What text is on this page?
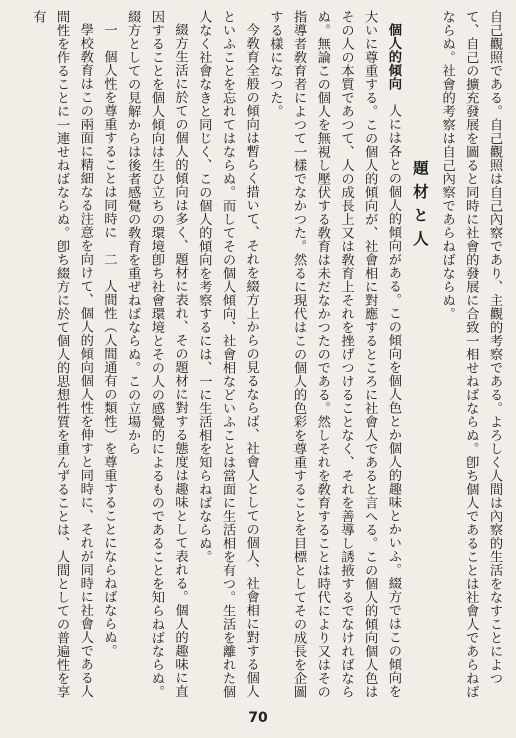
自己觀照である。自己觀照は自己內察であり、主觀的考察である。よろしく人間は內察的生活をなすことによつて、自己の擴充發展を圖ると同時に社會的發展に合致一相せねばならぬ。卽ち個人であることは社會人であらねばならぬ。社會的考察は自己內察であらねばならぬ。

題材と人

個人的傾向　人には各との個人的傾向がある。この傾向を個人色とか個人的趣味とかいふ。綴方ではこの傾向を大いに尊重する。この個人的傾向が、社會相に對應するところに社會人であると言へる。この個人的傾向個人色はその人の本質であつて、人の成長上又は敎育上それを挫げつけることなく、それを善導し誘掖するでなければならぬ。無論この個人を無視し壓伏する敎育は未だなかつたのである。然しそれを敎育することは時代により又はその指導者敎育者によつて一樣でなかつた。然るに現代はこの個人的色彩を尊重することを目標としてその成長を企圖する樣になつた。

今敎育全般の傾向は暫らく措いて、それを綴方上からの見るならば、社會人としての個人、社會相に對する個人といふことを忘れてはならぬ。而してその個人傾向、社會相などいふことは當面に生活相を有つ。生活を離れた個人なく社會なきと同じく、この個人的傾向を考察するには、一に生活相を知らねばならぬ。

綴方生活に於ての個人的傾向は多く、題材に表れ、その題材に對する態度は趣味として表れる。個人的趣味に直因することを個人傾向は生ひ立ちの環境卽ち社會環境とその人の感覺的によるものであることを知らねばならぬ。綴方としての見解からは後者感覺の敎育を重ぜねばならぬ。この立場から

一　個人性を尊重することは同時に　二　人間性（人間通有の類性）を尊重することにならねばならぬ。

學校敎育はこの兩面に精細なる注意を向けて、個人的傾向個人性を伸すと同時に、それが同時に社會人である人間性を作ることに一連せねばならぬ。卽ち綴方に於て個人的思想性質を重んずることは、人間としての普遍性を享有

70
